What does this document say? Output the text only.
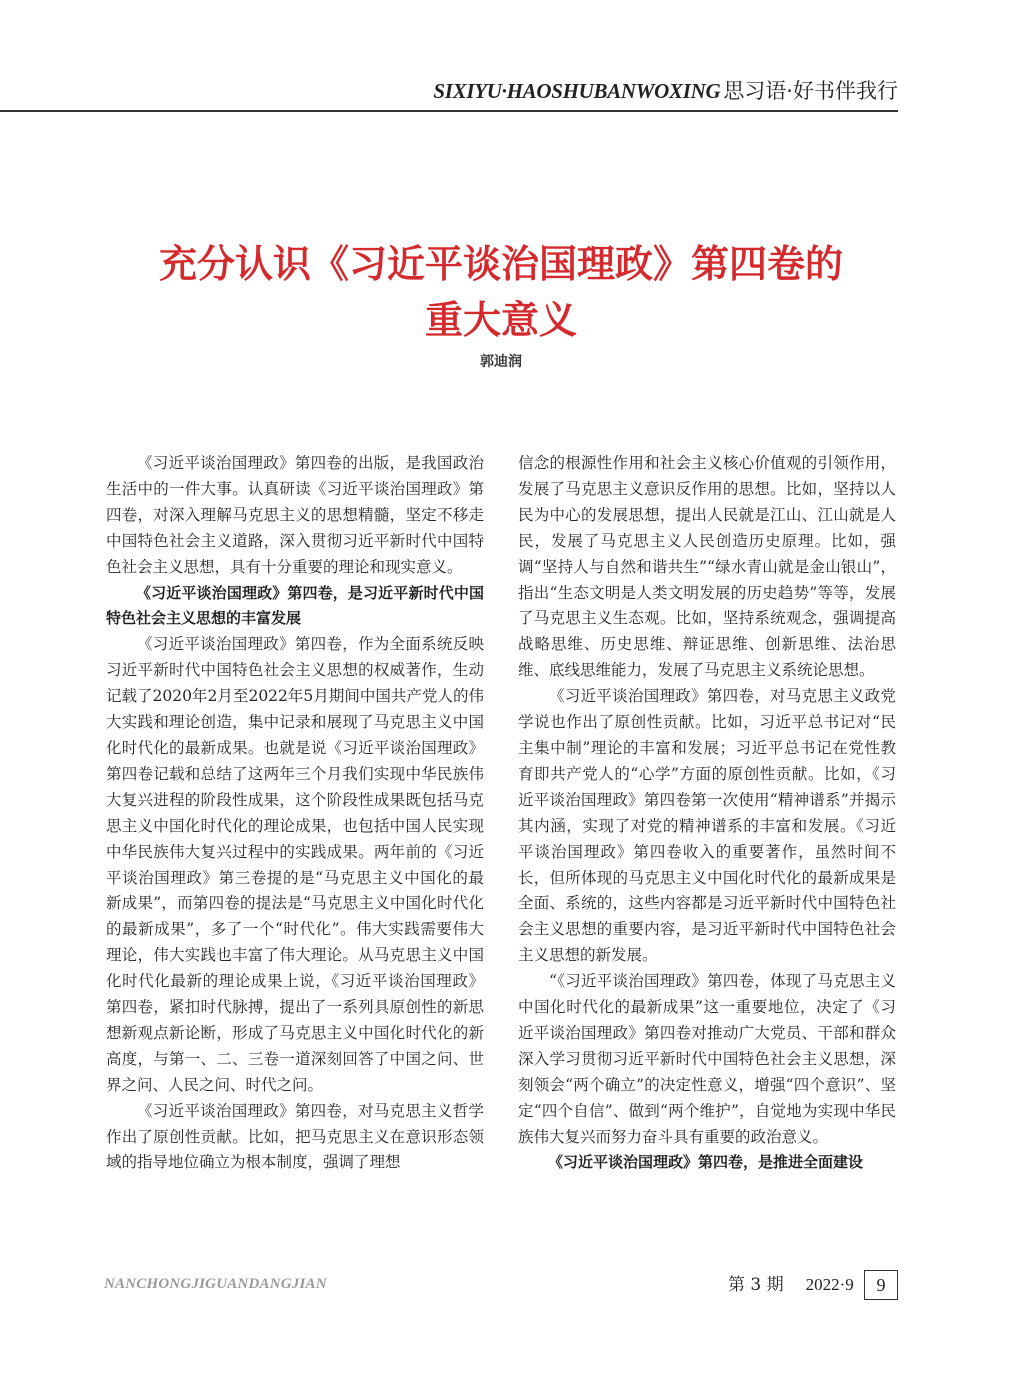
SIXIYU·HAOSHUBANWOXING 思习语·好书伴我行
充分认识《习近平谈治国理政》第四卷的
重大意义
郭迪润

《习近平谈治国理政》第四卷的出版，是我国政治生活中的一件大事。认真研读《习近平谈治国理政》第四卷，对深入理解马克思主义的思想精髓，坚定不移走中国特色社会主义道路，深入贯彻习近平新时代中国特色社会主义思想，具有十分重要的理论和现实意义。

《习近平谈治国理政》第四卷，是习近平新时代中国特色社会主义思想的丰富发展

《习近平谈治国理政》第四卷，作为全面系统反映习近平新时代中国特色社会主义思想的权威著作，生动记载了2020年2月至2022年5月期间中国共产党人的伟大实践和理论创造，集中记录和展现了马克思主义中国化时代化的最新成果。也就是说《习近平谈治国理政》第四卷记载和总结了这两年三个月我们实现中华民族伟大复兴进程的阶段性成果，这个阶段性成果既包括马克思主义中国化时代化的理论成果，也包括中国人民实现中华民族伟大复兴过程中的实践成果。两年前的《习近平谈治国理政》第三卷提的是“马克思主义中国化的最新成果”，而第四卷的提法是“马克思主义中国化时代化的最新成果”，多了一个“时代化”。伟大实践需要伟大理论，伟大实践也丰富了伟大理论。从马克思主义中国化时代化最新的理论成果上说，《习近平谈治国理政》第四卷，紧扣时代脉搏，提出了一系列具原创性的新思想新观点新论断，形成了马克思主义中国化时代化的新高度，与第一、二、三卷一道深刻回答了中国之问、世界之问、人民之问、时代之问。

《习近平谈治国理政》第四卷，对马克思主义哲学作出了原创性贡献。比如，把马克思主义在意识形态领域的指导地位确立为根本制度，强调了理想

信念的根源性作用和社会主义核心价值观的引领作用，发展了马克思主义意识反作用的思想。比如，坚持以人民为中心的发展思想，提出人民就是江山、江山就是人民，发展了马克思主义人民创造历史原理。比如，强调“坚持人与自然和谐共生”“绿水青山就是金山银山”，指出“生态文明是人类文明发展的历史趋势”等等，发展了马克思主义生态观。比如，坚持系统观念，强调提高战略思维、历史思维、辩证思维、创新思维、法治思维、底线思维能力，发展了马克思主义系统论思想。

《习近平谈治国理政》第四卷，对马克思主义政党学说也作出了原创性贡献。比如，习近平总书记对“民主集中制”理论的丰富和发展；习近平总书记在党性教育即共产党人的“心学”方面的原创性贡献。比如，《习近平谈治国理政》第四卷第一次使用“精神谱系”并揭示其内涵，实现了对党的精神谱系的丰富和发展。《习近平谈治国理政》第四卷收入的重要著作，虽然时间不长，但所体现的马克思主义中国化时代化的最新成果是全面、系统的，这些内容都是习近平新时代中国特色社会主义思想的重要内容，是习近平新时代中国特色社会主义思想的新发展。

“《习近平谈治国理政》第四卷，体现了马克思主义中国化时代化的最新成果”这一重要地位，决定了《习近平谈治国理政》第四卷对推动广大党员、干部和群众深入学习贯彻习近平新时代中国特色社会主义思想，深刻领会“两个确立”的决定性意义，增强“四个意识”、坚定“四个自信”、做到“两个维护”，自觉地为实现中华民族伟大复兴而努力奋斗具有重要的政治意义。

《习近平谈治国理政》第四卷，是推进全面建设

NANCHONGJIGUANDANGJIAN	第 3 期 2022·9	9
